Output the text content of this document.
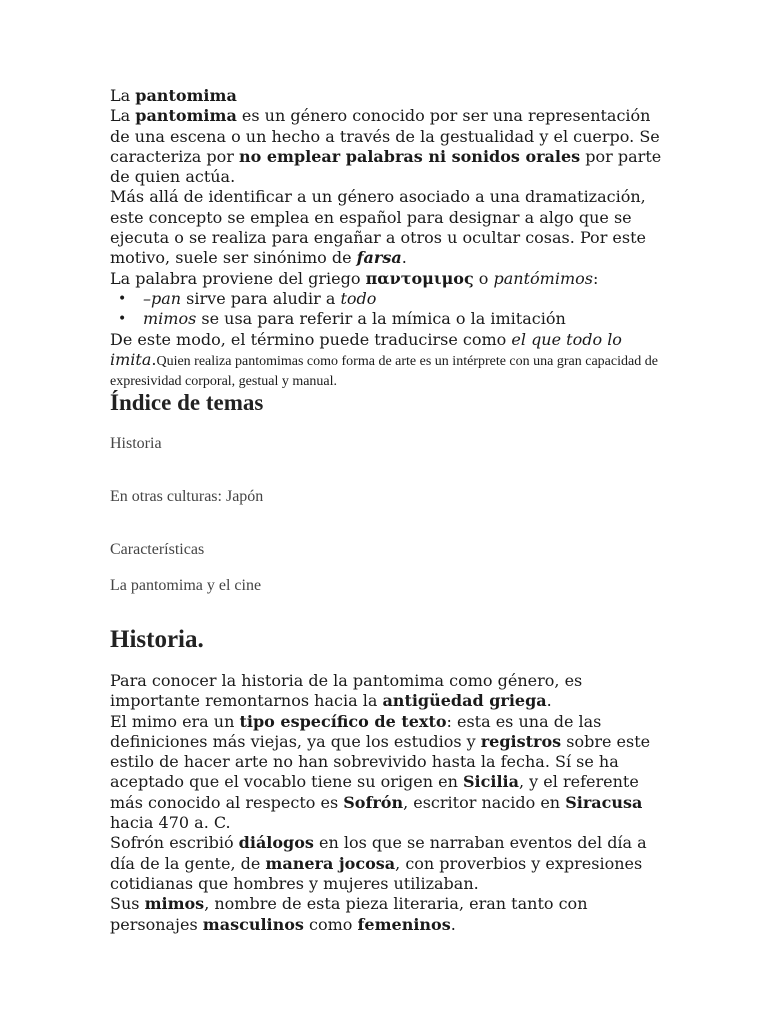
La pantomima

La pantomima es un género conocido por ser una representación de una escena o un hecho a través de la gestualidad y el cuerpo. Se caracteriza por no emplear palabras ni sonidos orales por parte de quien actúa.

Más allá de identificar a un género asociado a una dramatización, este concepto se emplea en español para designar a algo que se ejecuta o se realiza para engañar a otros u ocultar cosas. Por este motivo, suele ser sinónimo de farsa.

La palabra proviene del griego παντομιμος o pantómimos:

• –pan sirve para aludir a todo
• mimos se usa para referir a la mímica o la imitación

De este modo, el término puede traducirse como el que todo lo imita.Quien realiza pantomimas como forma de arte es un intérprete con una gran capacidad de expresividad corporal, gestual y manual.

Índice de temas
Historia
En otras culturas: Japón
Características
La pantomima y el cine
Historia.

Para conocer la historia de la pantomima como género, es importante remontarnos hacia la antigüedad griega.

El mimo era un tipo específico de texto: esta es una de las definiciones más viejas, ya que los estudios y registros sobre este estilo de hacer arte no han sobrevivido hasta la fecha. Sí se ha aceptado que el vocablo tiene su origen en Sicilia, y el referente más conocido al respecto es Sofrón, escritor nacido en Siracusa hacia 470 a. C.

Sofrón escribió diálogos en los que se narraban eventos del día a día de la gente, de manera jocosa, con proverbios y expresiones cotidianas que hombres y mujeres utilizaban.

Sus mimos, nombre de esta pieza literaria, eran tanto con personajes masculinos como femeninos.
